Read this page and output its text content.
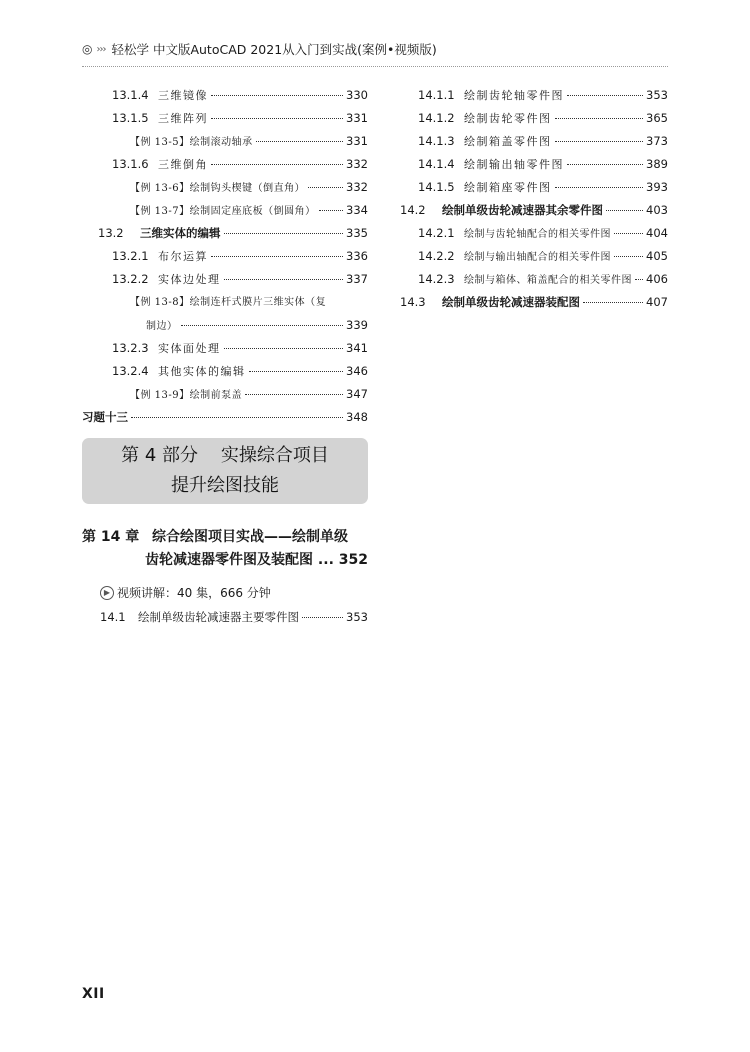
◎ ››› 轻松学 中文版AutoCAD 2021从入门到实战(案例•视频版)
13.1.4 三维镜像	330
13.1.5 三维阵列	331
【例 13-5】绘制滚动轴承	331
13.1.6 三维倒角	332
【例 13-6】绘制钩头楔键（倒直角）	332
【例 13-7】绘制固定座底板（倒圆角）	334
13.2	三维实体的编辑	335
13.2.1 布尔运算	336
13.2.2 实体边处理	337
【例 13-8】绘制连杆式膜片三维实体（复
制边）	339
13.2.3 实体面处理	341
13.2.4 其他实体的编辑	346
【例 13-9】绘制前泵盖	347
习题十三	348
14.1.1 绘制齿轮轴零件图	353
14.1.2 绘制齿轮零件图	365
14.1.3 绘制箱盖零件图	373
14.1.4 绘制输出轴零件图	389
14.1.5 绘制箱座零件图	393
14.2	绘制单级齿轮减速器其余零件图	403
14.2.1 绘制与齿轮轴配合的相关零件图	404
14.2.2 绘制与输出轴配合的相关零件图	405
14.2.3 绘制与箱体、箱盖配合的相关零件图 406
14.3	绘制单级齿轮减速器装配图	407
第 4 部分    实操综合项目
提升绘图技能
第 14 章 综合绘图项目实战——绘制单级
齿轮减速器零件图及装配图 ... 352
▶ 视频讲解：40 集，666 分钟
14.1	绘制单级齿轮减速器主要零件图	353
XII
